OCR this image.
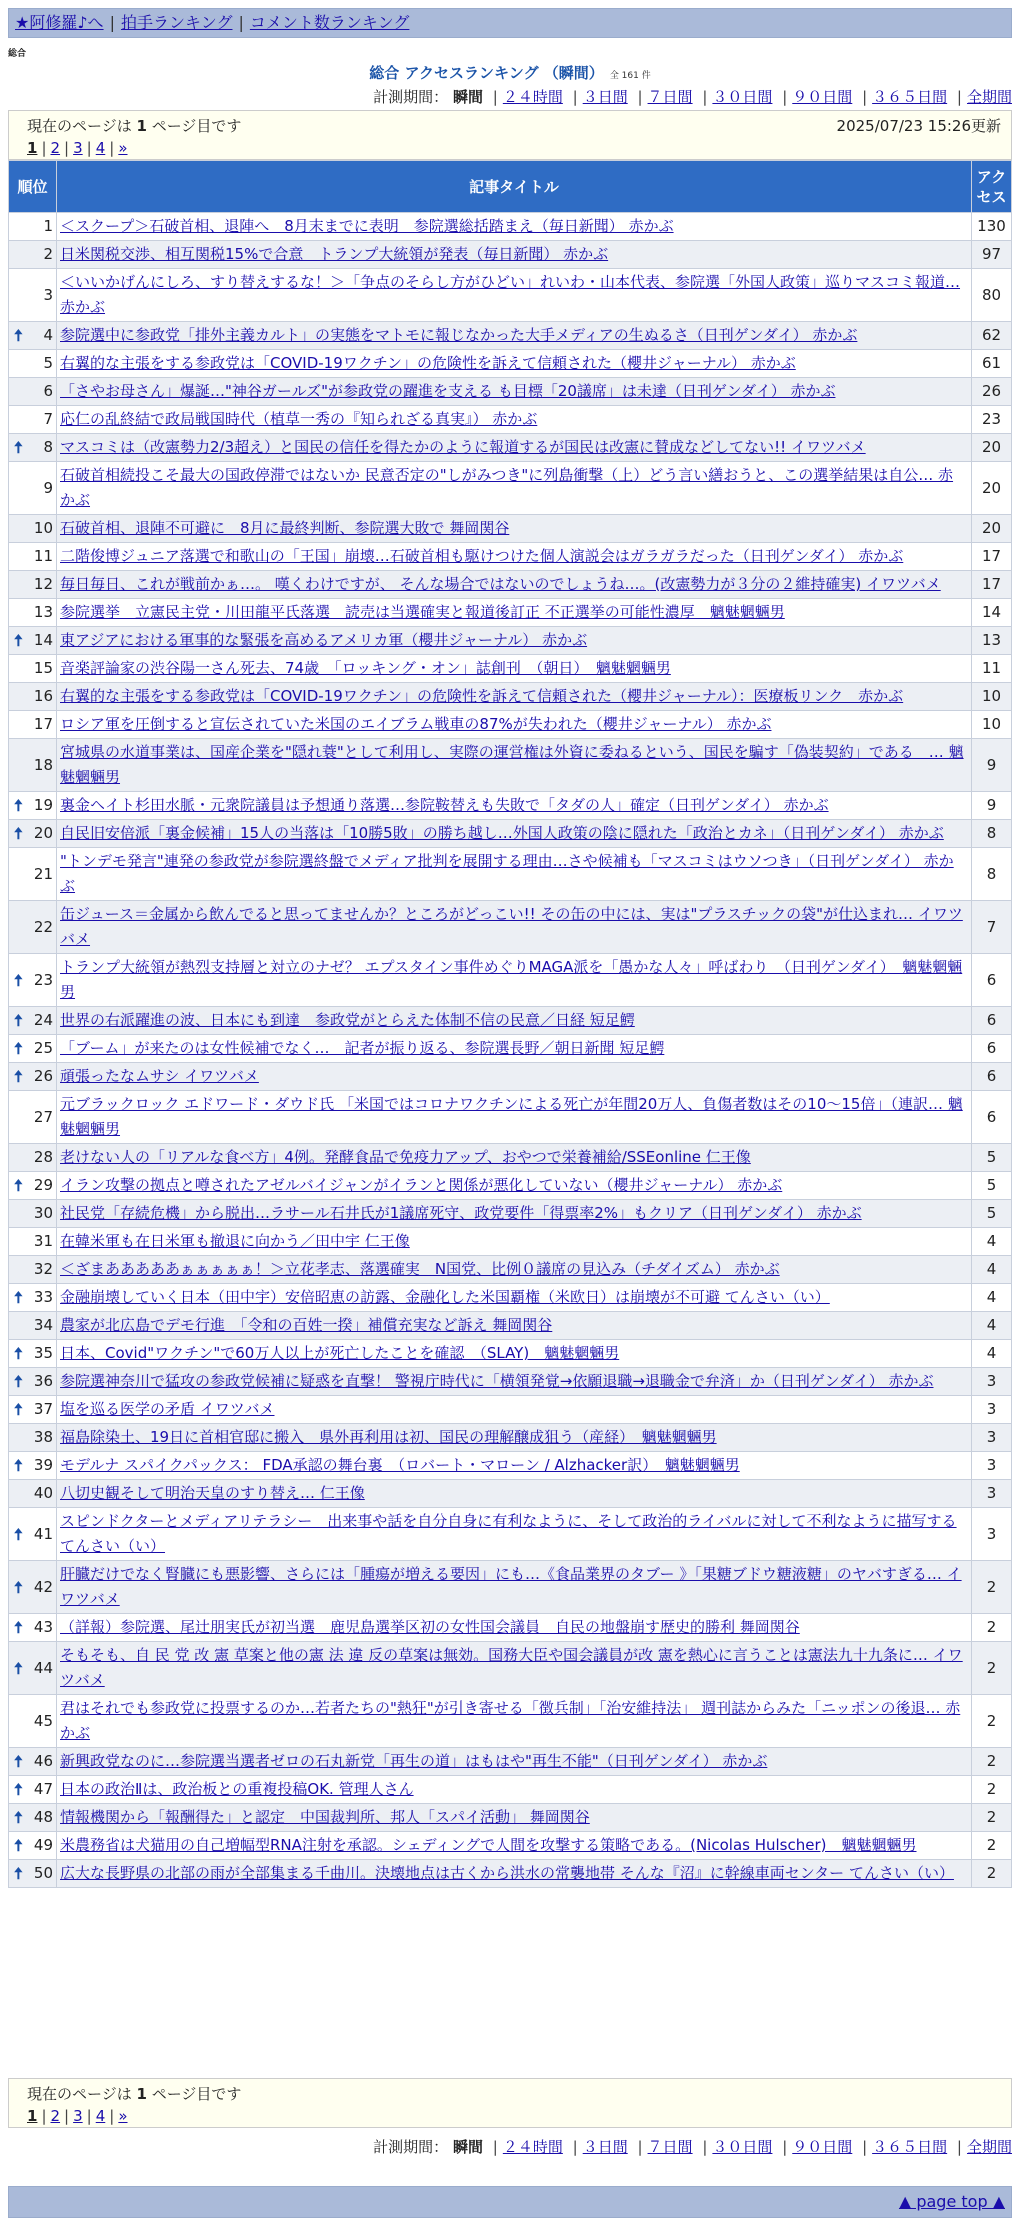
★阿修羅♪へ | 拍手ランキング | コメント数ランキング
総合
総合 アクセスランキング （瞬間） 全 161 件
計測期間： 瞬間 | ２４時間 | ３日間 | ７日間 | ３０日間 | ９０日間 | ３６５日間 | 全期間
現在のページは 1 ページ目です	2025/07/23 15:26更新
1 | 2 | 3 | 4 | »
順位	記事タイトル	アクセス
1	＜スクープ＞石破首相、退陣へ　8月末までに表明　参院選総括踏まえ（毎日新聞） 赤かぶ	130
2	日米関税交渉、相互関税15%で合意　トランプ大統領が発表（毎日新聞） 赤かぶ	97
3	＜いいかげんにしろ、すり替えするな！＞「争点のそらし方がひどい」れいわ・山本代表、参院選「外国人政策」巡りマスコミ報道… 赤かぶ	80

🠅 4	参院選中に参政党「排外主義カルト」の実態をマトモに報じなかった大手メディアの生ぬるさ（日刊ゲンダイ） 赤かぶ	62
5	右翼的な主張をする参政党は「COVID-19ワクチン」の危険性を訴えて信頼された（櫻井ジャーナル） 赤かぶ	61
6	「さやお母さん」爆誕…"神谷ガールズ"が参政党の躍進を支える も目標「20議席」は未達（日刊ゲンダイ） 赤かぶ	26
7	応仁の乱終結で政局戦国時代（植草一秀の『知られざる真実』） 赤かぶ	23

🠅 8	マスコミは（改憲勢力2/3超え）と国民の信任を得たかのように報道するが国民は改憲に賛成などしてない!! イワツバメ	20
9	石破首相続投こそ最大の国政停滞ではないか 民意否定の"しがみつき"に列島衝撃（上）どう言い繕おうと、この選挙結果は自公… 赤かぶ	20
10	石破首相、退陣不可避に　8月に最終判断、参院選大敗で 舞岡関谷	20
11	二階俊博ジュニア落選で和歌山の「王国」崩壊…石破首相も駆けつけた個人演説会はガラガラだった（日刊ゲンダイ） 赤かぶ	17
12	毎日毎日、これが戦前かぁ…。 嘆くわけですが、 そんな場合ではないのでしょうね…。(改憲勢力が３分の２維持確実) イワツバメ	17
13	参院選挙　立憲民主党・川田龍平氏落選　読売は当選確実と報道後訂正 不正選挙の可能性濃厚　魑魅魍魎男	14

🠅 14	東アジアにおける軍事的な緊張を高めるアメリカ軍（櫻井ジャーナル） 赤かぶ	13
15	音楽評論家の渋谷陽一さん死去、74歳　「ロッキング・オン」誌創刊　（朝日）　魑魅魍魎男	11
16	右翼的な主張をする参政党は「COVID-19ワクチン」の危険性を訴えて信頼された（櫻井ジャーナル）：医療板リンク　赤かぶ	10
17	ロシア軍を圧倒すると宣伝されていた米国のエイブラム戦車の87%が失われた（櫻井ジャーナル） 赤かぶ	10
18	宮城県の水道事業は、国産企業を"隠れ蓑"として利用し、実際の運営権は外資に委ねるという、国民を騙す「偽装契約」である　… 魑魅魍魎男	9

🠅 19	裏金ヘイト杉田水脈・元衆院議員は予想通り落選…参院鞍替えも失敗で「タダの人」確定（日刊ゲンダイ） 赤かぶ	9

🠅 20	自民旧安倍派「裏金候補」15人の当落は「10勝5敗」の勝ち越し…外国人政策の陰に隠れた「政治とカネ」（日刊ゲンダイ） 赤かぶ	8
21	"トンデモ発言"連発の参政党が参院選終盤でメディア批判を展開する理由…さや候補も「マスコミはウソつき」（日刊ゲンダイ） 赤かぶ	8
22	缶ジュース＝金属から飲んでると思ってませんか？ところがどっこい!! その缶の中には、実は"プラスチックの袋"が仕込まれ… イワツバメ	7

🠅 23	トランプ大統領が熱烈支持層と対立のナゼ？ エプスタイン事件めぐりMAGA派を「愚かな人々」呼ばわり　（日刊ゲンダイ）　魑魅魍魎男	6

🠅 24	世界の右派躍進の波、日本にも到達　参政党がとらえた体制不信の民意／日経 短足鰐	6

🠅 25	「ブーム」が来たのは女性候補でなく…　記者が振り返る、参院選長野／朝日新聞 短足鰐	6

🠅 26	頑張ったなムサシ イワツバメ	6
27	元ブラックロック エドワード・ダウド氏 「米国ではコロナワクチンによる死亡が年間20万人、負傷者数はその10～15倍」（連訳… 魑魅魍魎男	6
28	老けない人の「リアルな食べ方」4例。発酵食品で免疫力アップ、おやつで栄養補給/SSEonline 仁王像	5

🠅 29	イラン攻撃の拠点と噂されたアゼルバイジャンがイランと関係が悪化していない（櫻井ジャーナル） 赤かぶ	5
30	社民党「存続危機」から脱出…ラサール石井氏が1議席死守、政党要件「得票率2%」もクリア（日刊ゲンダイ） 赤かぶ	5
31	在韓米軍も在日米軍も撤退に向かう／田中宇 仁王像	4
32	＜ざまあああああぁぁぁぁぁ！＞立花孝志、落選確実　N国党、比例０議席の見込み（チダイズム） 赤かぶ	4

🠅 33	金融崩壊していく日本（田中宇）安倍昭恵の訪露、金融化した米国覇権（米欧日）は崩壊が不可避 てんさい（い）	4
34	農家が北広島でデモ行進　「令和の百姓一揆」補償充実など訴え 舞岡関谷	4

🠅 35	日本、Covid"ワクチン"で60万人以上が死亡したことを確認　（SLAY)　魑魅魍魎男	4

🠅 36	参院選神奈川で猛攻の参政党候補に疑惑を直撃！ 警視庁時代に「横領発覚→依願退職→退職金で弁済」か（日刊ゲンダイ） 赤かぶ	3

🠅 37	塩を巡る医学の矛盾 イワツバメ	3
38	福島除染土、19日に首相官邸に搬入　県外再利用は初、国民の理解醸成狙う（産経）　魑魅魍魎男	3

🠅 39	モデルナ スパイクパックス： FDA承認の舞台裏　（ロバート・マローン / Alzhacker訳）　魑魅魍魎男	3
40	八切史観そして明治天皇のすり替え… 仁王像	3

🠅 41	スピンドクターとメディアリテラシー　出来事や話を自分自身に有利なように、そして政治的ライバルに対して不利なように描写する てんさい（い）	3

🠅 42	肝臓だけでなく腎臓にも悪影響、さらには「腫瘍が増える要因」にも…《食品業界のタブー 》「果糖ブドウ糖液糖」のヤバすぎる… イワツバメ	2

🠅 43	（詳報）参院選、尾辻朋実氏が初当選　鹿児島選挙区初の女性国会議員　自民の地盤崩す歴史的勝利 舞岡関谷	2

🠅 44	そもそも、自 民 党 改 憲 草案と他の憲 法 違 反の草案は無効。国務大臣や国会議員が改 憲を熱心に言うことは憲法九十九条に… イワツバメ	2
45	君はそれでも参政党に投票するのか…若者たちの"熱狂"が引き寄せる「徴兵制」「治安維持法」 週刊誌からみた「ニッポンの後退… 赤かぶ	2

🠅 46	新興政党なのに…参院選当選者ゼロの石丸新党「再生の道」はもはや"再生不能"（日刊ゲンダイ） 赤かぶ	2

🠅 47	日本の政治Ⅱは、政治板との重複投稿OK. 管理人さん	2

🠅 48	情報機関から「報酬得た」と認定　中国裁判所、邦人「スパイ活動」 舞岡関谷	2

🠅 49	米農務省は犬猫用の自己増幅型RNA注射を承認。シェディングで人間を攻撃する策略である。(Nicolas Hulscher)　魑魅魍魎男	2

🠅 50	広大な長野県の北部の雨が全部集まる千曲川。決壊地点は古くから洪水の常襲地帯 そんな『沼』に幹線車両センター てんさい（い）	2
現在のページは 1 ページ目です
1 | 2 | 3 | 4 | »
計測期間： 瞬間 | ２４時間 | ３日間 | ７日間 | ３０日間 | ９０日間 | ３６５日間 | 全期間
▲ page top ▲
